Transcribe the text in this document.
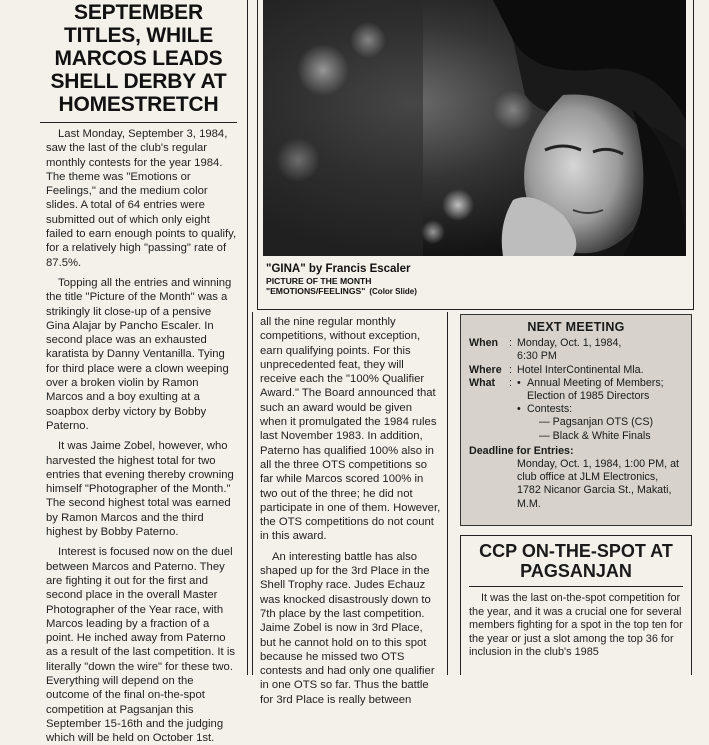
SEPTEMBER TITLES, WHILE MARCOS LEADS SHELL DERBY AT HOMESTRETCH

Last Monday, September 3, 1984, saw the last of the club's regular monthly contests for the year 1984. The theme was "Emotions or Feelings," and the medium color slides. A total of 64 entries were submitted out of which only eight failed to earn enough points to qualify, for a relatively high "passing" rate of 87.5%.

Topping all the entries and winning the title "Picture of the Month" was a strikingly lit close-up of a pensive Gina Alajar by Pancho Escaler. In second place was an exhausted karatista by Danny Ventanilla. Tying for third place were a clown weeping over a broken violin by Ramon Marcos and a boy exulting at a soapbox derby victory by Bobby Paterno.

It was Jaime Zobel, however, who harvested the highest total for two entries that evening thereby crowning himself "Photographer of the Month." The second highest total was earned by Ramon Marcos and the third highest by Bobby Paterno.

Interest is focused now on the duel between Marcos and Paterno. They are fighting it out for the first and second place in the overall Master Photographer of the Year race, with Marcos leading by a fraction of a point. He inched away from Paterno as a result of the last competition. It is literally "down the wire" for these two. Everything will depend on the outcome of the final on-the-spot competition at Pagsanjan this September 15-16th and the judging which will be held on October 1st.

"GINA" by Francis Escaler
PICTURE OF THE MONTH
"EMOTIONS/FEELINGS" (Color Slide)

all the nine regular monthly competitions, without exception, earn qualifying points. For this unprecedented feat, they will receive each the "100% Qualifier Award." The Board announced that such an award would be given when it promulgated the 1984 rules last November 1983. In addition, Paterno has qualified 100% also in all the three OTS competitions so far while Marcos scored 100% in two out of the three; he did not participate in one of them. However, the OTS competitions do not count in this award.

An interesting battle has also shaped up for the 3rd Place in the Shell Trophy race. Judes Echauz was knocked disastrously down to 7th place by the last competition. Jaime Zobel is now in 3rd Place, but he cannot hold on to this spot because he missed two OTS contests and had only one qualifier in one OTS so far. Thus the battle for 3rd Place is really between

NEXT MEETING
When	: Monday, Oct. 1, 1984,
6:30 PM
Where : Hotel InterContinental Mla.
What	: • Annual Meeting of Members; Election of 1985 Directors
• Contests:
— Pagsanjan OTS (CS)
— Black & White Finals
Deadline for Entries:
Monday, Oct. 1, 1984, 1:00 PM, at club office at JLM Electronics, 1782 Nicanor Garcia St., Makati, M.M.
CCP ON-THE-SPOT AT PAGSANJAN

It was the last on-the-spot competition for the year, and it was a crucial one for several members fighting for a spot in the top ten for the year or just a slot among the top 36 for inclusion in the club's 1985
